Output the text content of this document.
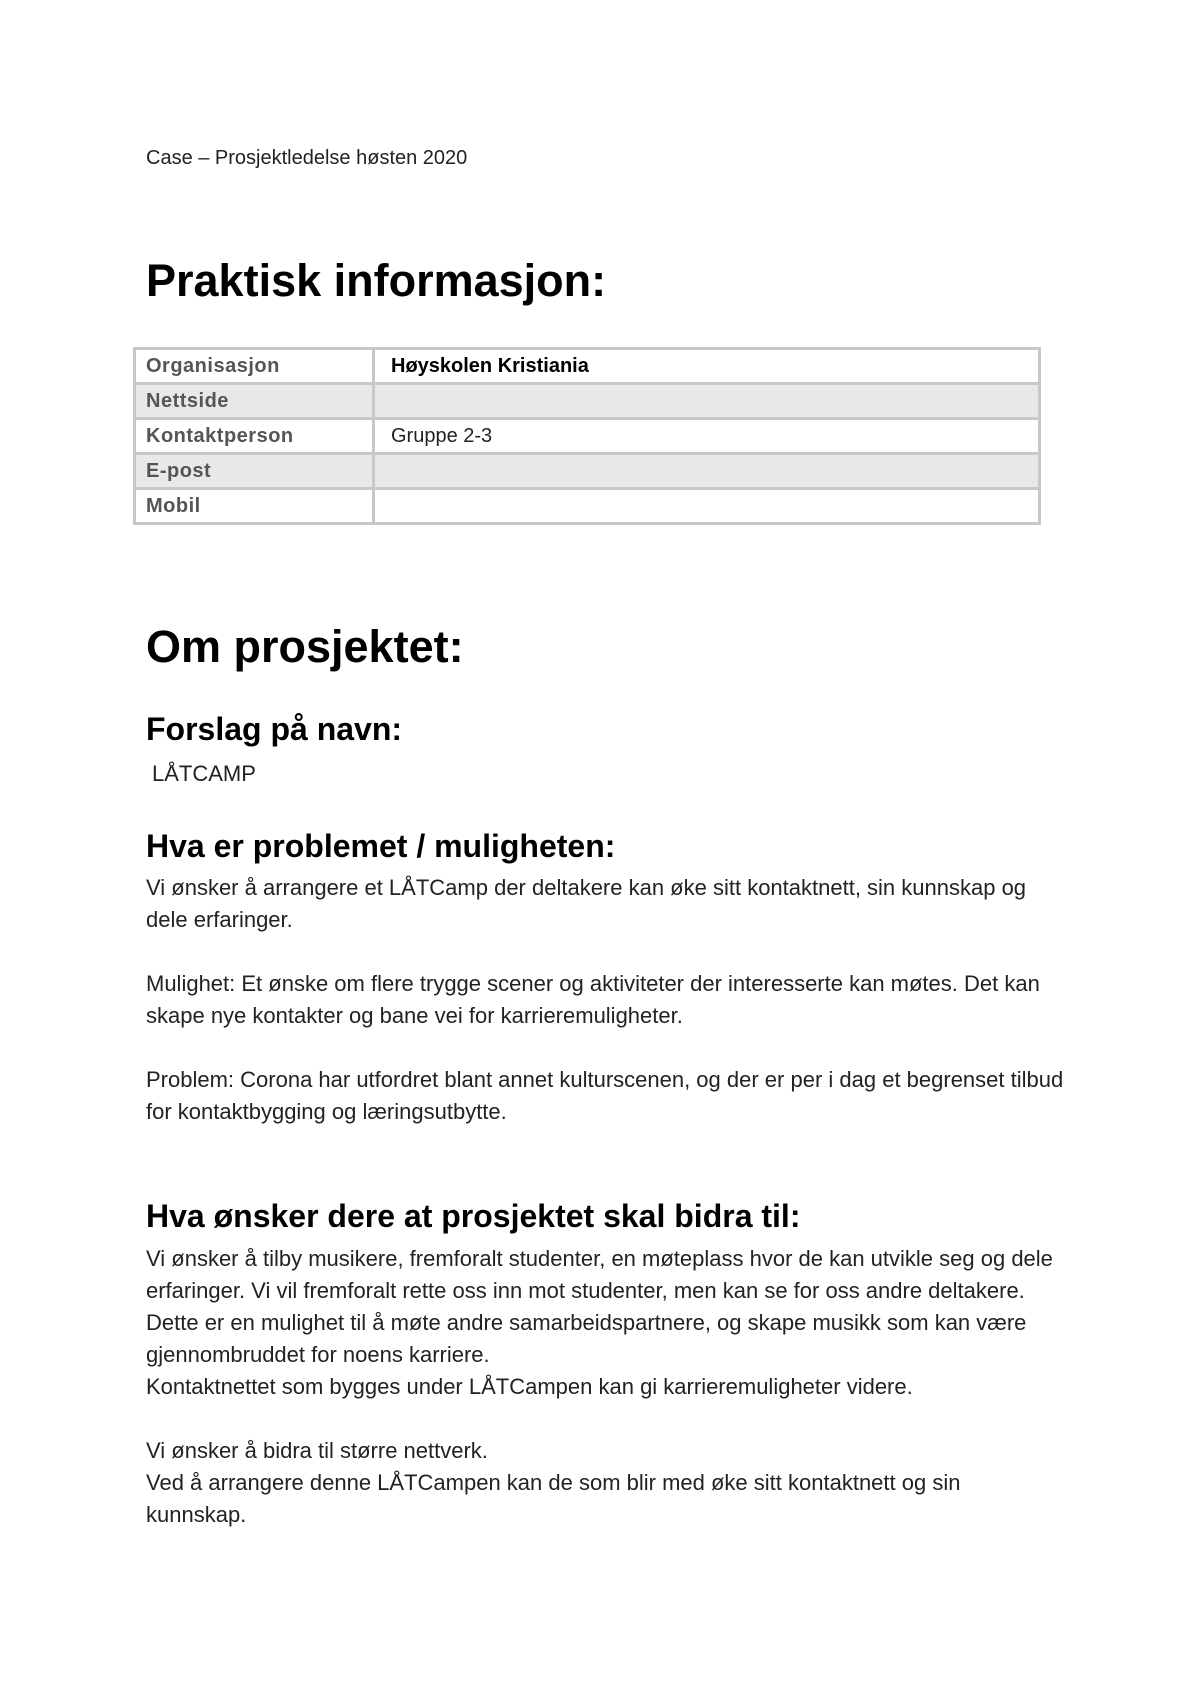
Case – Prosjektledelse høsten 2020
Praktisk informasjon:
Organisasjon	Høyskolen Kristiania
Nettside	
Kontaktperson	Gruppe 2-3
E-post	
Mobil	
Om prosjektet:
Forslag på navn:
LÅTCAMP
Hva er problemet / muligheten:

Vi ønsker å arrangere et LÅTCamp der deltakere kan øke sitt kontaktnett, sin kunnskap og dele erfaringer.

Mulighet: Et ønske om flere trygge scener og aktiviteter der interesserte kan møtes. Det kan skape nye kontakter og bane vei for karrieremuligheter.

Problem: Corona har utfordret blant annet kulturscenen, og der er per i dag et begrenset tilbud for kontaktbygging og læringsutbytte.

Hva ønsker dere at prosjektet skal bidra til:

Vi ønsker å tilby musikere, fremforalt studenter, en møteplass hvor de kan utvikle seg og dele erfaringer. Vi vil fremforalt rette oss inn mot studenter, men kan se for oss andre deltakere. Dette er en mulighet til å møte andre samarbeidspartnere, og skape musikk som kan være gjennombruddet for noens karriere.

Kontaktnettet som bygges under LÅTCampen kan gi karrieremuligheter videre.

Vi ønsker å bidra til større nettverk.

Ved å arrangere denne LÅTCampen kan de som blir med øke sitt kontaktnett og sin kunnskap.
